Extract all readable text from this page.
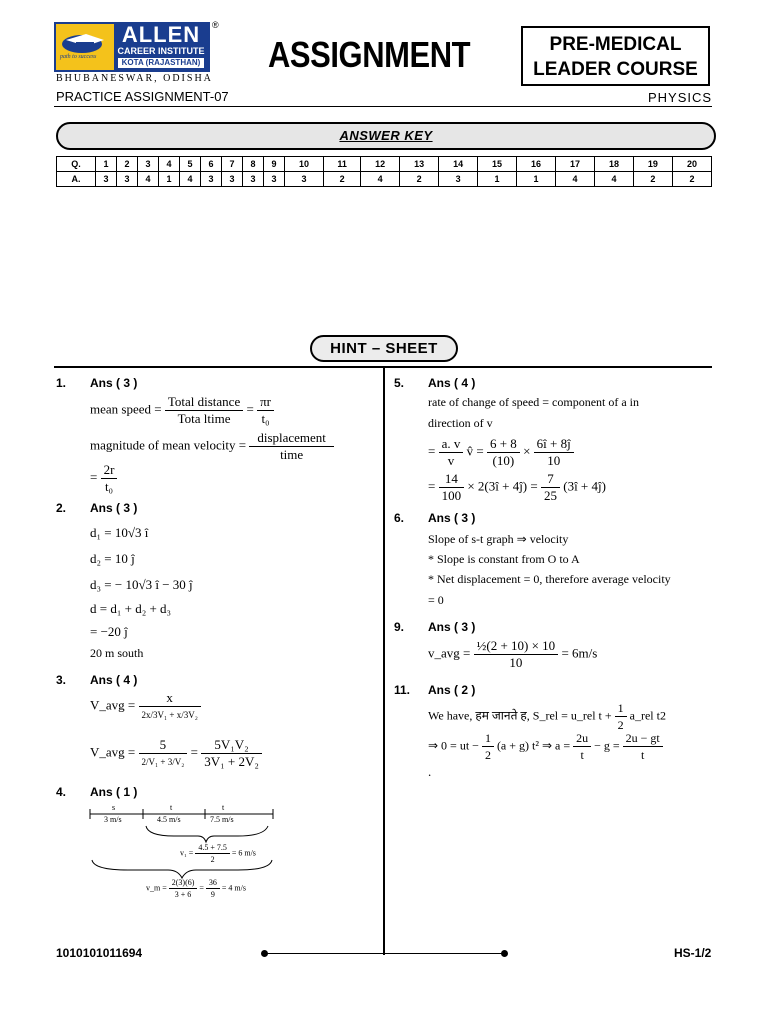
path to success
ALLEN
CAREER INSTITUTE
KOTA (RAJASTHAN)
®
BHUBANESWAR, ODISHA
ASSIGNMENT	PRE-MEDICAL
LEADER COURSE
PRACTICE ASSIGNMENT-07	PHYSICS
ANSWER KEY
Q.	1	2	3	4	5	6	7	8	9	10	11	12	13	14	15	16	17	18	19	20
A.	3	3	4	1	4	3	3	3	3	3	2	4	2	3	1	1	4	4	2	2
HINT – SHEET
1. Ans ( 3 )
mean speed = $\frac{\text{Total distance}}{\text{Tota ltime}} = \frac{\pi r}{\text{t₀}}$
magnitude of mean velocity = $\frac{\text{displacement}}{\text{time}}$
= $\frac{2r}{\text{t₀}}$
2. Ans ( 3 )
d₁ = 10√3 î
d₂ = 10 ĵ
d₃ = − 10√3 î − 30 ĵ
d = d₁ + d₂ + d₃
= −20 ĵ
20 m south
3. Ans ( 4 )
V_avg = $\frac{x}{\text{2x/3V₁ + x/3V₂}}$
V_avg = $\frac{5}{\text{2/V₁ + 3/V₂}} = \frac{\text{5V₁V₂}}{\text{3V₁ + 2V₂}}$
4. Ans ( 1 )
s	t	t
3 m/s	4.5 m/s	7.5 m/s
$v_1 = \frac{4.5 + 7.5}{2} = 6$ m/s
v_m = $\frac{2(3)(6)}{3 + 6} = \frac{36}{9} = 4$ m/s
5. Ans ( 4 )
rate of change of speed = component of a in
direction of v
= $\frac{a. v}{v}$ v̂ = $\frac{6 + 8}{(10)} \times \frac{6î + 8ĵ}{10}$
= $\frac{14}{100}$ × 2(3î + 4ĵ) = $\frac{7}{25}$ (3î + 4ĵ)
6. Ans ( 3 )
Slope of s-t graph ⇒ velocity
* Slope is constant from O to A
* Net displacement = 0, therefore average velocity
= 0
9. Ans ( 3 )
v_avg = $\frac{\text{½(2 + 10) × 10}}{10} = 6m/s$
11. Ans ( 2 )
We have, हम जानते ह, S_rel = u_rel $t + \frac{1}{2}$ a_rel t2
⇒ 0 = ut − $\frac{1}{2} (a + g)$ t² ⇒ $a = \frac{2u}{t} - g = \frac{2u - gt}{t}$
.
1010101011694	HS-1/2
